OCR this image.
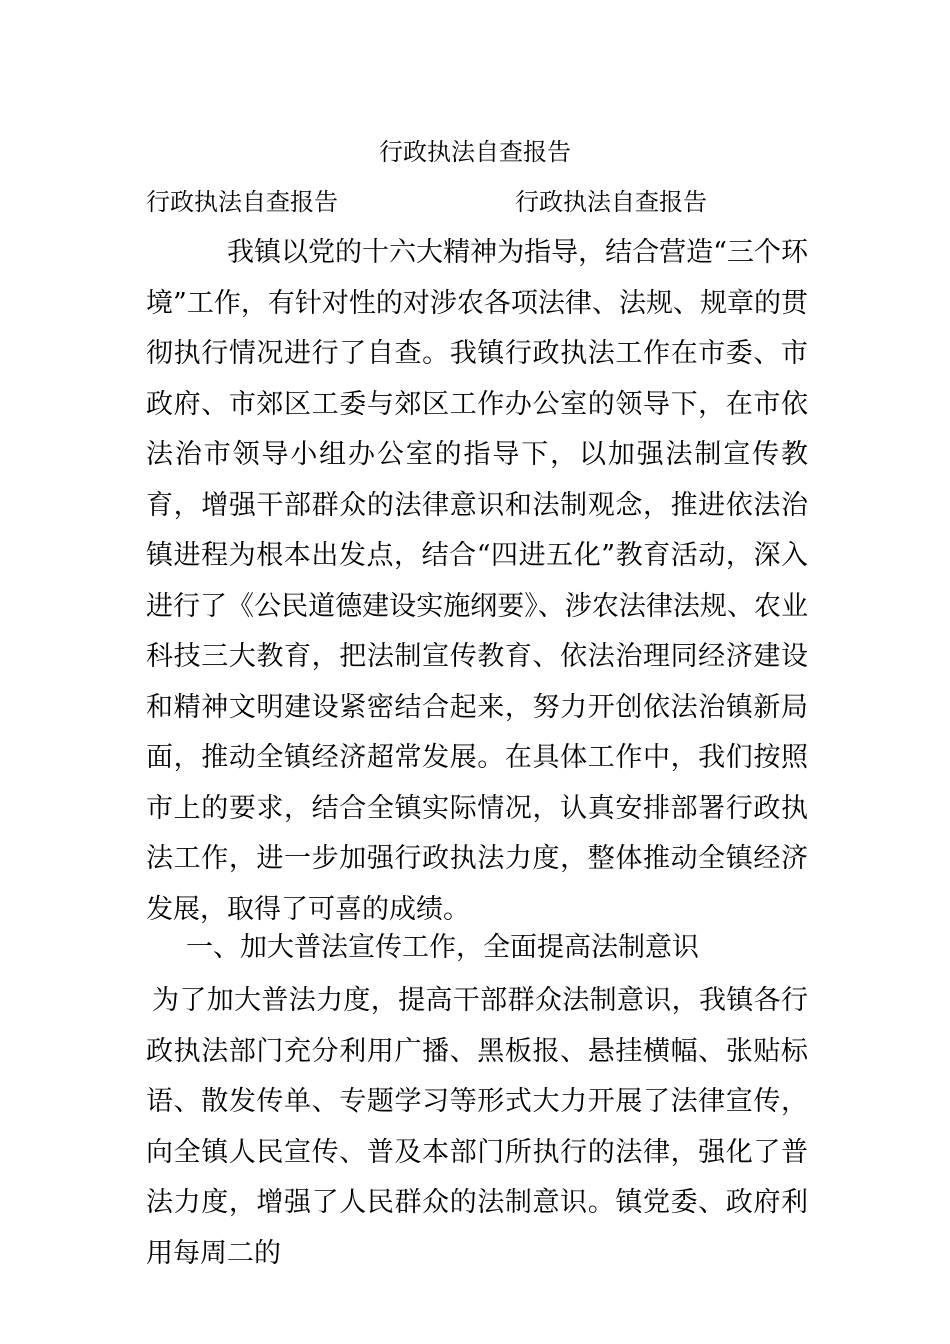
行政执法自查报告
行政执法自查报告	行政执法自查报告
我镇以党的十六大精神为指导，结合营造“三个环境”工作，有针对性的对涉农各项法律、法规、规章的贯彻执行情况进行了自查。我镇行政执法工作在市委、市政府、市郊区工委与郊区工作办公室的领导下，在市依法治市领导小组办公室的指导下，以加强法制宣传教育，增强干部群众的法律意识和法制观念，推进依法治镇进程为根本出发点，结合“四进五化”教育活动，深入进行了《公民道德建设实施纲要》、涉农法律法规、农业科技三大教育，把法制宣传教育、依法治理同经济建设和精神文明建设紧密结合起来，努力开创依法治镇新局面，推动全镇经济超常发展。在具体工作中，我们按照市上的要求，结合全镇实际情况，认真安排部署行政执法工作，进一步加强行政执法力度，整体推动全镇经济发展，取得了可喜的成绩。
一、加大普法宣传工作，全面提高法制意识
为了加大普法力度，提高干部群众法制意识，我镇各行政执法部门充分利用广播、黑板报、悬挂横幅、张贴标语、散发传单、专题学习等形式大力开展了法律宣传，向全镇人民宣传、普及本部门所执行的法律，强化了普法力度，增强了人民群众的法制意识。镇党委、政府利用每周二的
